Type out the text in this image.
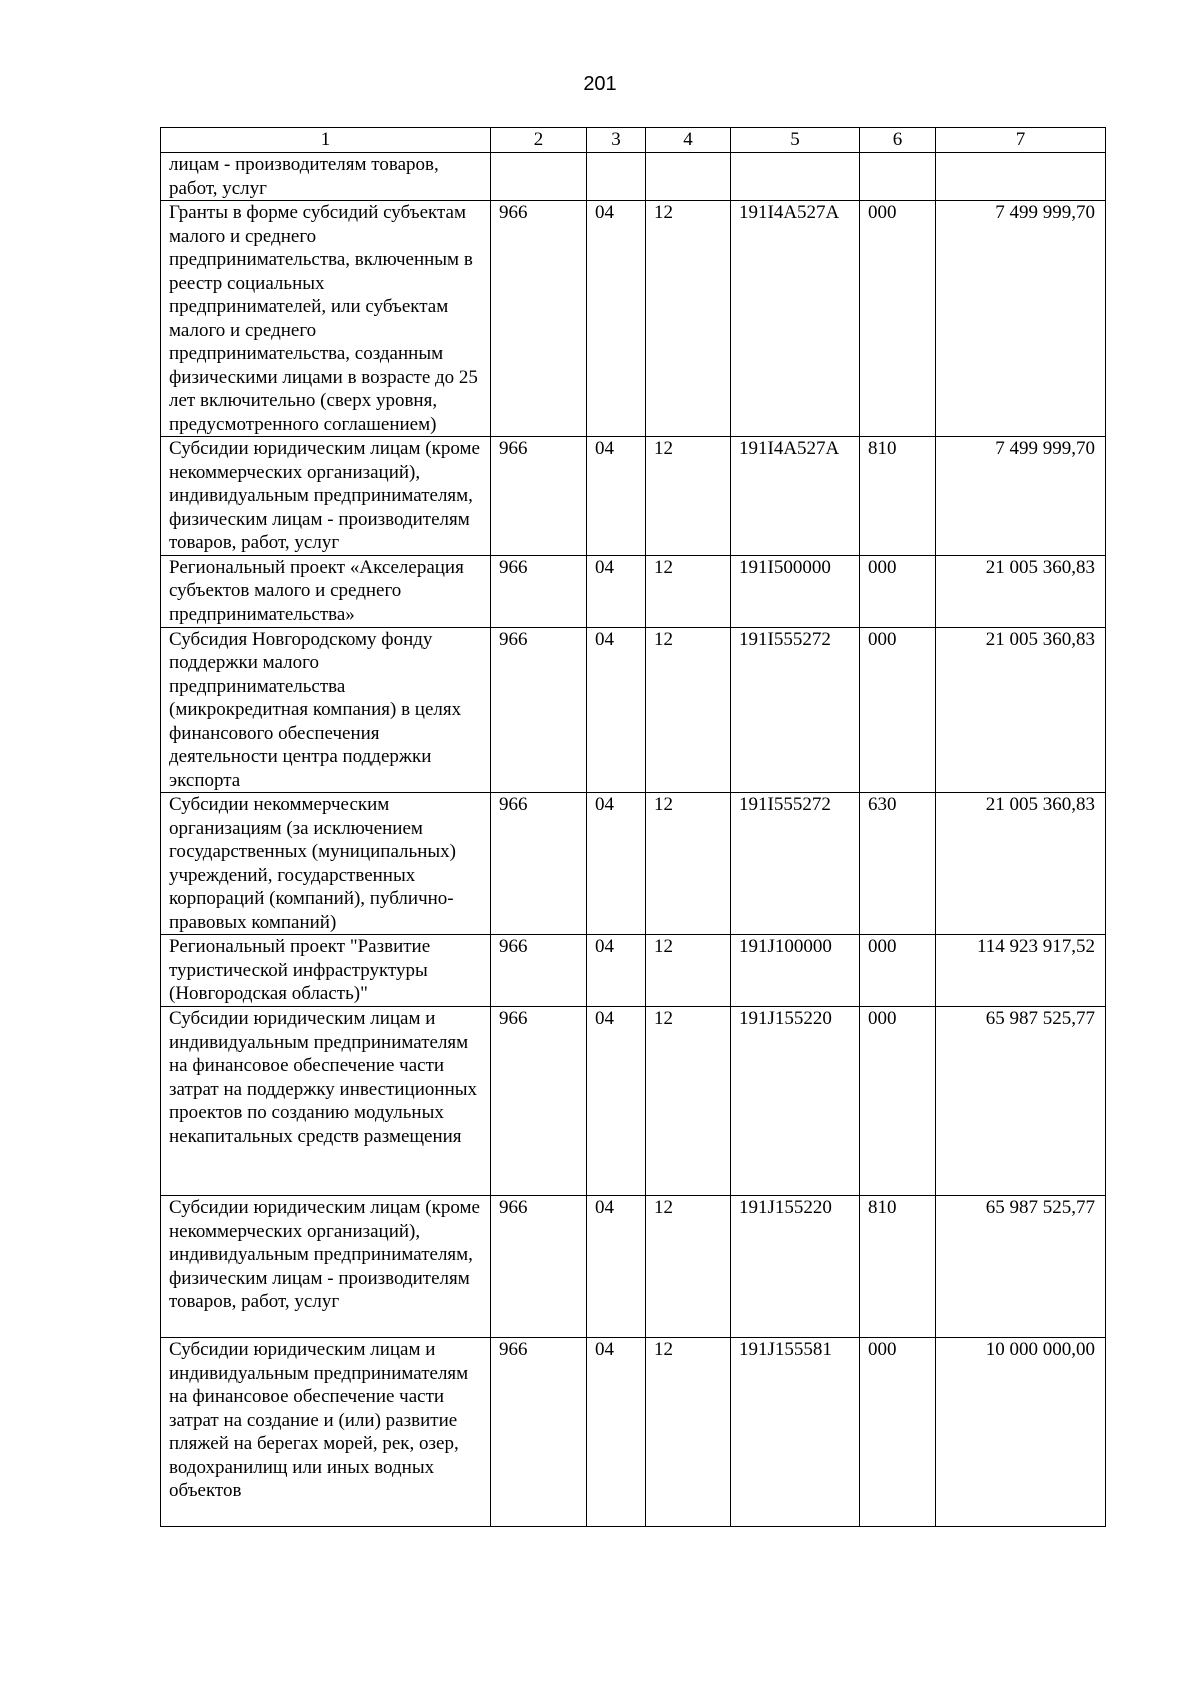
201
1	2	3	4	5	6	7
лицам - производителям товаров, работ, услуг						
Гранты в форме субсидий субъектам малого и среднего предпринимательства, включенным в реестр социальных предпринимателей, или субъектам малого и среднего предпринимательства, созданным физическими лицами в возрасте до 25 лет включительно (сверх уровня, предусмотренного соглашением)	966	04	12	191I4A527A	000	7 499 999,70
Субсидии юридическим лицам (кроме некоммерческих организаций), индивидуальным предпринимателям, физическим лицам - производителям товаров, работ, услуг	966	04	12	191I4A527A	810	7 499 999,70
Региональный проект «Акселерация субъектов малого и среднего предпринимательства»	966	04	12	191I500000	000	21 005 360,83
Субсидия Новгородскому фонду поддержки малого предпринимательства (микрокредитная компания) в целях финансового обеспечения деятельности центра поддержки экспорта	966	04	12	191I555272	000	21 005 360,83
Субсидии некоммерческим организациям (за исключением государственных (муниципальных) учреждений, государственных корпораций (компаний), публично-правовых компаний)	966	04	12	191I555272	630	21 005 360,83
Региональный проект "Развитие туристической инфраструктуры (Новгородская область)"	966	04	12	191J100000	000	114 923 917,52
Субсидии юридическим лицам и индивидуальным предпринимателям на финансовое обеспечение части затрат на поддержку инвестиционных проектов по созданию модульных некапитальных средств размещения	966	04	12	191J155220	000	65 987 525,77
Субсидии юридическим лицам (кроме некоммерческих организаций), индивидуальным предпринимателям, физическим лицам - производителям товаров, работ, услуг	966	04	12	191J155220	810	65 987 525,77
Субсидии юридическим лицам и индивидуальным предпринимателям на финансовое обеспечение части затрат на создание и (или) развитие пляжей на берегах морей, рек, озер, водохранилищ или иных водных объектов	966	04	12	191J155581	000	10 000 000,00
